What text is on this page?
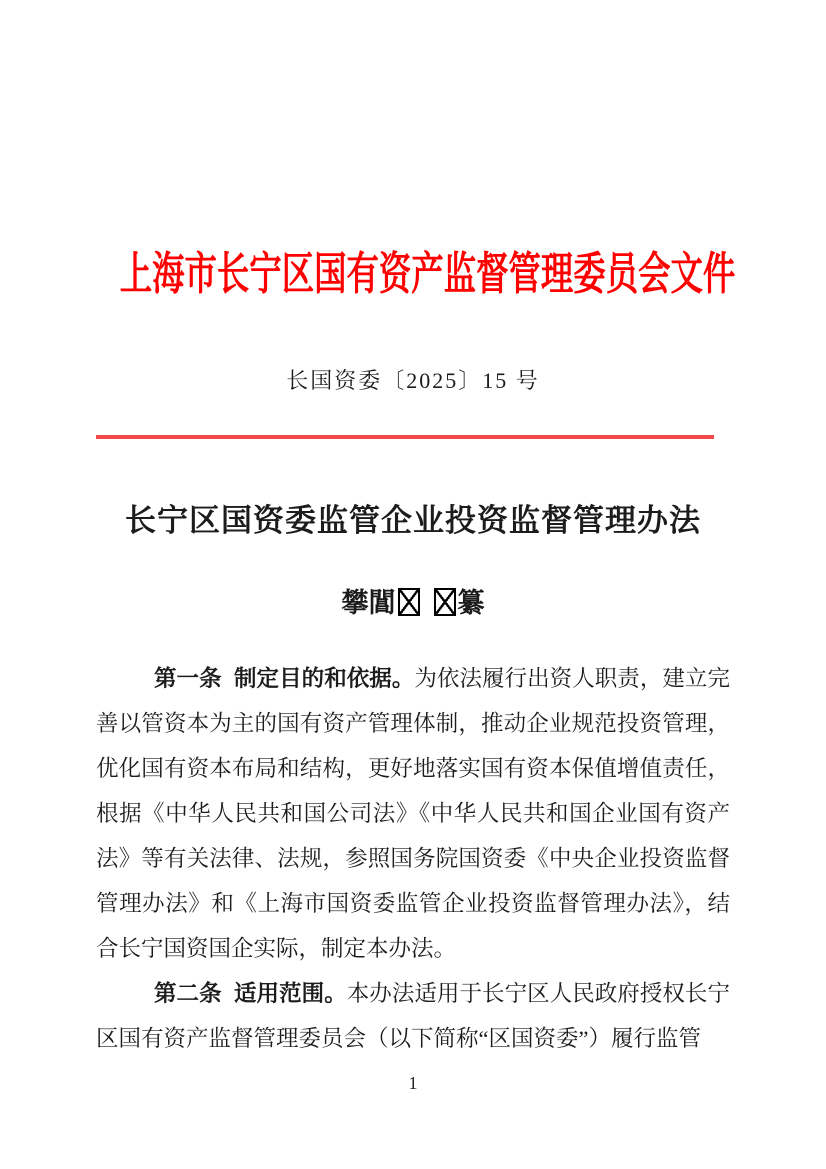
上海市长宁区国有资产监督管理委员会文件
长国资委〔2025〕15 号
长宁区国资委监管企业投资监督管理办法
攀閶 纂

第一条 制定目的和依据。为依法履行出资人职责，建立完善以管资本为主的国有资产管理体制，推动企业规范投资管理，优化国有资本布局和结构，更好地落实国有资本保值增值责任，根据《中华人民共和国公司法》《中华人民共和国企业国有资产法》等有关法律、法规，参照国务院国资委《中央企业投资监督管理办法》和《上海市国资委监管企业投资监督管理办法》，结合长宁国资国企实际，制定本办法。

第二条 适用范围。本办法适用于长宁区人民政府授权长宁区国有资产监督管理委员会（以下简称“区国资委”）履行监管

1
